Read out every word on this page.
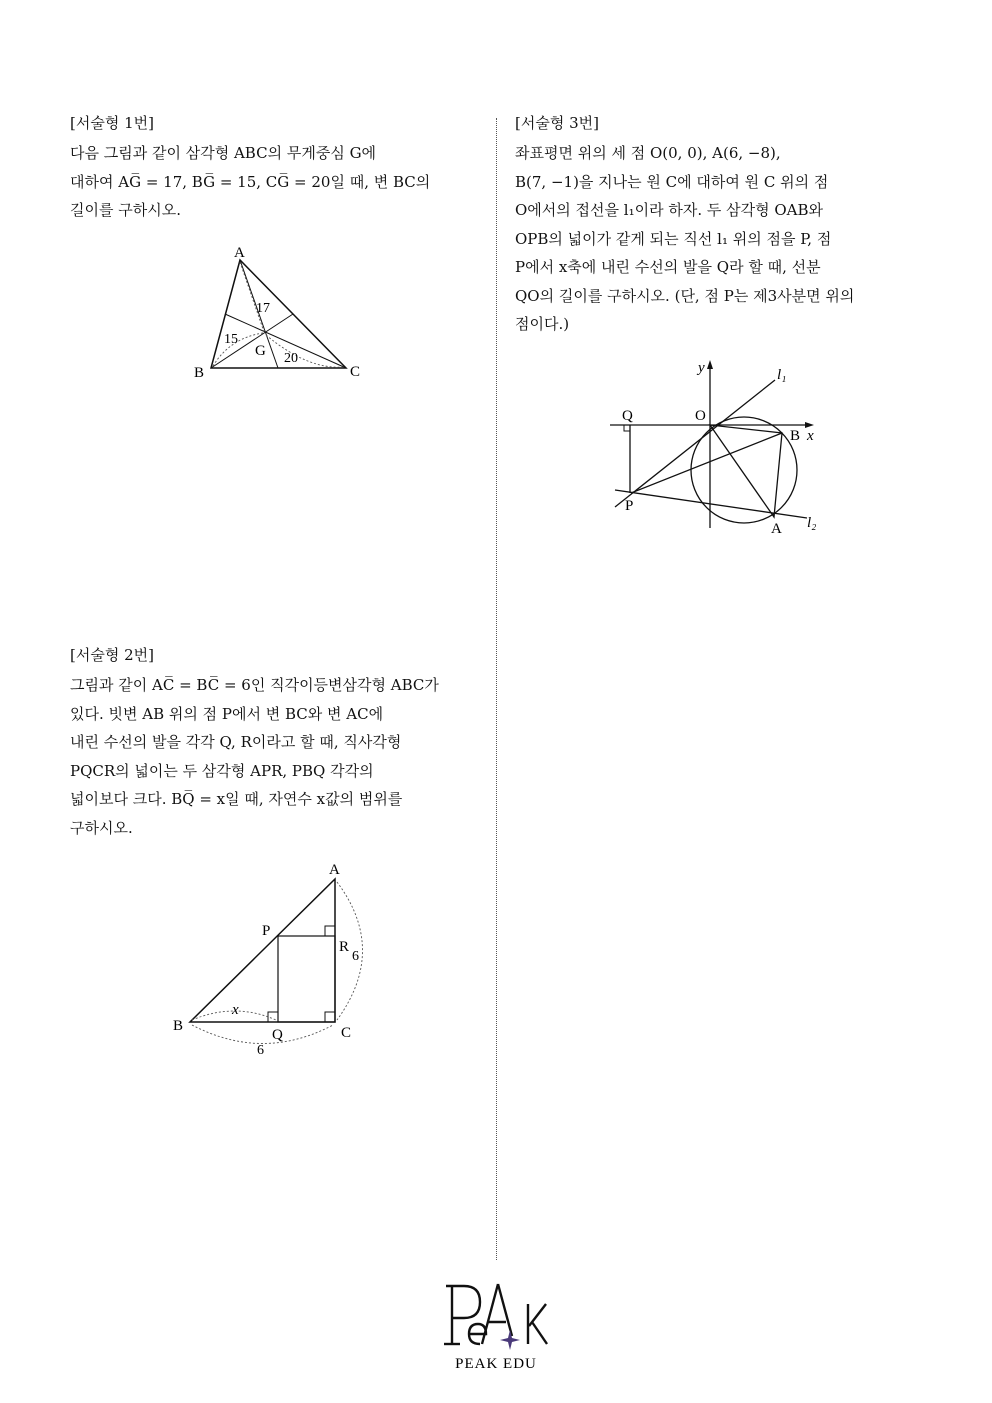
[서술형 1번]
다음 그림과 같이 삼각형 ABC의 무게중심 G에
대하여 AG̅ = 17, BG̅ = 15, CG̅ = 20일 때, 변 BC의
길이를 구하시오.
A
B	C
G
17
15
20
[서술형 2번]
그림과 같이 AC̅ = BC̅ = 6인 직각이등변삼각형 ABC가
있다. 빗변 AB 위의 점 P에서 변 BC와 변 AC에
내린 수선의 발을 각각 Q, R이라고 할 때, 직사각형
PQCR의 넓이는 두 삼각형 APR, PBQ 각각의
넓이보다 크다. BQ̅ = x일 때, 자연수 x값의 범위를
구하시오.
A
B	C
P
Q
R
x
6
6
[서술형 3번]
좌표평면 위의 세 점 O(0, 0), A(6, −8),
B(7, −1)을 지나는 원 C에 대하여 원 C 위의 점
O에서의 접선을 l₁이라 하자. 두 삼각형 OAB와
OPB의 넓이가 같게 되는 직선 l₁ 위의 점을 P, 점
P에서 x축에 내린 수선의 발을 Q라 할 때, 선분
QO의 길이를 구하시오. (단, 점 P는 제3사분면 위의
점이다.)
y
x
l₁
l₂
Q	O
B
P
A
PEAK EDU
